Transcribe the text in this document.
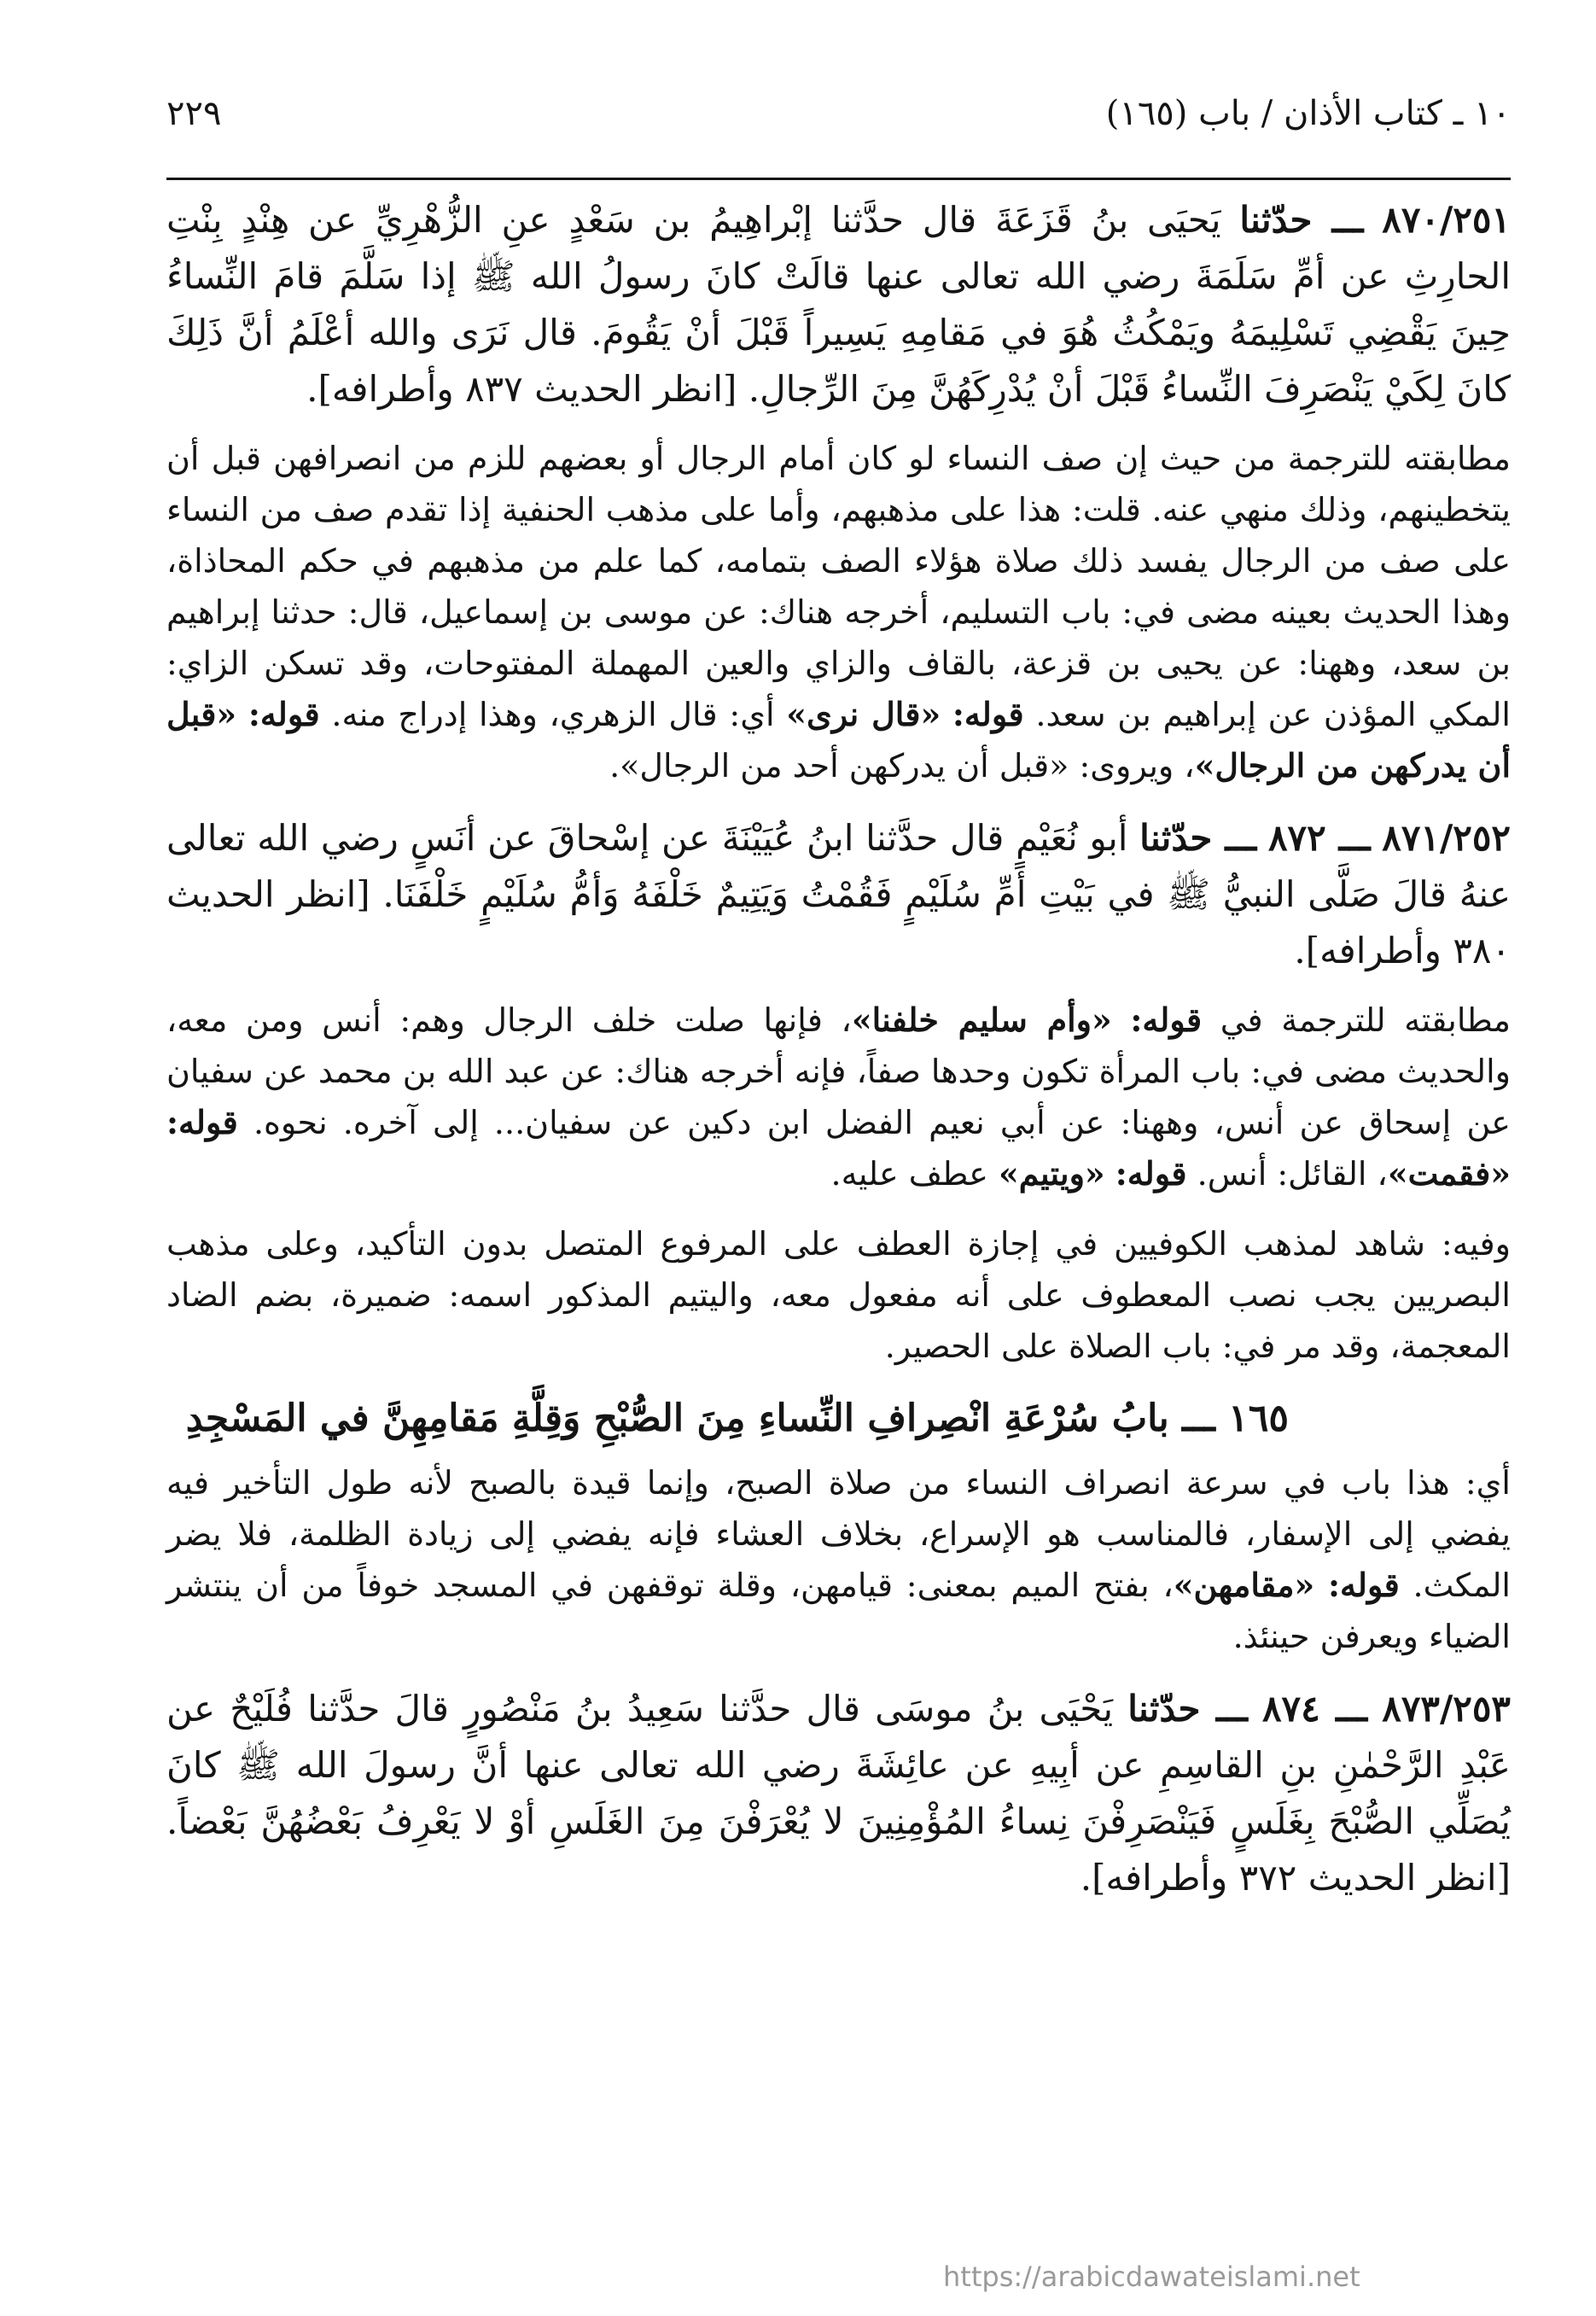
١٠ ـ كتاب الأذان / باب (١٦٥)
٢٢٩

٨٧٠/٢٥١ ـــ حدّثنا يَحيَى بنُ قَزَعَةَ قال حدَّثنا إبْراهِيمُ بن سَعْدٍ عنِ الزُّهْرِيِّ عن هِنْدٍ بِنْتِ الحارِثِ عن أمِّ سَلَمَةَ رضي الله تعالى عنها قالَتْ كانَ رسولُ الله ﷺ إذا سَلَّمَ قامَ النِّساءُ حِينَ يَقْضِي تَسْلِيمَهُ ويَمْكُثُ هُوَ في مَقامِهِ يَسِيراً قَبْلَ أنْ يَقُومَ. قال نَرَى والله أعْلَمُ أنَّ ذَلِكَ كانَ لِكَيْ يَنْصَرِفَ النِّساءُ قَبْلَ أنْ يُدْرِكَهُنَّ مِنَ الرِّجالِ. [انظر الحديث ٨٣٧ وأطرافه].

مطابقته للترجمة من حيث إن صف النساء لو كان أمام الرجال أو بعضهم للزم من انصرافهن قبل أن يتخطينهم، وذلك منهي عنه. قلت: هذا على مذهبهم، وأما على مذهب الحنفية إذا تقدم صف من النساء على صف من الرجال يفسد ذلك صلاة هؤلاء الصف بتمامه، كما علم من مذهبهم في حكم المحاذاة، وهذا الحديث بعينه مضى في: باب التسليم، أخرجه هناك: عن موسى بن إسماعيل، قال: حدثنا إبراهيم بن سعد، وههنا: عن يحيى بن قزعة، بالقاف والزاي والعين المهملة المفتوحات، وقد تسكن الزاي: المكي المؤذن عن إبراهيم بن سعد. قوله: «قال نرى» أي: قال الزهري، وهذا إدراج منه. قوله: «قبل أن يدركهن من الرجال»، ويروى: «قبل أن يدركهن أحد من الرجال».

٨٧١/٢٥٢ ـــ ٨٧٢ ـــ حدّثنا أبو نُعَيْمٍ قال حدَّثنا ابنُ عُيَيْنَةَ عن إسْحاقَ عن أنَسٍ رضي الله تعالى عنهُ قالَ صَلَّى النبيُّ ﷺ في بَيْتِ أمِّ سُلَيْمٍ فَقُمْتُ وَيَتِيمٌ خَلْفَهُ وَأمُّ سُلَيْمٍ خَلْفَنَا. [انظر الحديث ٣٨٠ وأطرافه].

مطابقته للترجمة في قوله: «وأم سليم خلفنا»، فإنها صلت خلف الرجال وهم: أنس ومن معه، والحديث مضى في: باب المرأة تكون وحدها صفاً، فإنه أخرجه هناك: عن عبد الله بن محمد عن سفيان عن إسحاق عن أنس، وههنا: عن أبي نعيم الفضل ابن دكين عن سفيان... إلى آخره. نحوه. قوله: «فقمت»، القائل: أنس. قوله: «ويتيم» عطف عليه.

وفيه: شاهد لمذهب الكوفيين في إجازة العطف على المرفوع المتصل بدون التأكيد، وعلى مذهب البصريين يجب نصب المعطوف على أنه مفعول معه، واليتيم المذكور اسمه: ضميرة، بضم الضاد المعجمة، وقد مر في: باب الصلاة على الحصير.

١٦٥ ـــ بابُ سُرْعَةِ انْصِرافِ النِّساءِ مِنَ الصُّبْحِ وَقِلَّةِ مَقامِهِنَّ في المَسْجِدِ

أي: هذا باب في سرعة انصراف النساء من صلاة الصبح، وإنما قيدة بالصبح لأنه طول التأخير فيه يفضي إلى الإسفار، فالمناسب هو الإسراع، بخلاف العشاء فإنه يفضي إلى زيادة الظلمة، فلا يضر المكث. قوله: «مقامهن»، بفتح الميم بمعنى: قيامهن، وقلة توقفهن في المسجد خوفاً من أن ينتشر الضياء ويعرفن حينئذ.

٨٧٣/٢٥٣ ـــ ٨٧٤ ـــ حدّثنا يَحْيَى بنُ موسَى قال حدَّثنا سَعِيدُ بنُ مَنْصُورٍ قالَ حدَّثنا فُلَيْحٌ عن عَبْدِ الرَّحْمٰنِ بنِ القاسِمِ عن أبِيهِ عن عائِشَةَ رضي الله تعالى عنها أنَّ رسولَ الله ﷺ كانَ يُصَلِّي الصُّبْحَ بِغَلَسٍ فَيَنْصَرِفْنَ نِساءُ المُؤْمِنِينَ لا يُعْرَفْنَ مِنَ الغَلَسِ أوْ لا يَعْرِفُ بَعْضُهُنَّ بَعْضاً. [انظر الحديث ٣٧٢ وأطرافه].

https://arabicdawateislami.net
